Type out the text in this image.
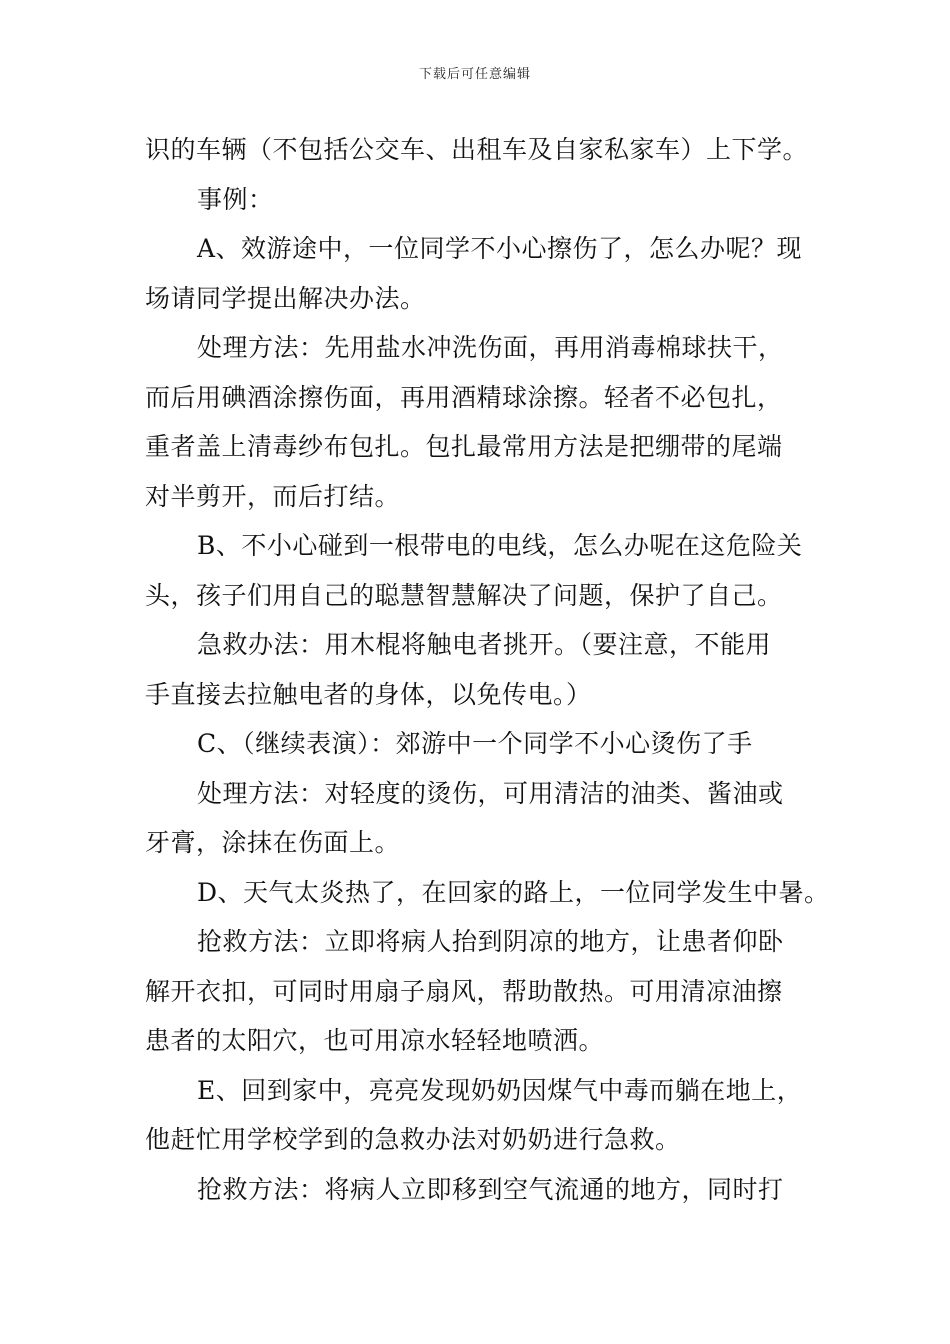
下载后可任意编辑
识的车辆（不包括公交车、出租车及自家私家车）上下学。
事例：
A、效游途中，一位同学不小心擦伤了，怎么办呢？现
场请同学提出解决办法。
处理方法：先用盐水冲洗伤面，再用消毒棉球扶干，
而后用碘酒涂擦伤面，再用酒精球涂擦。轻者不必包扎，
重者盖上清毒纱布包扎。包扎最常用方法是把绷带的尾端
对半剪开，而后打结。
B、不小心碰到一根带电的电线，怎么办呢在这危险关
头，孩子们用自己的聪慧智慧解决了问题，保护了自己。
急救办法：用木棍将触电者挑开。（要注意，不能用
手直接去拉触电者的身体，以免传电。）
C、（继续表演）：郊游中一个同学不小心烫伤了手
处理方法：对轻度的烫伤，可用清洁的油类、酱油或
牙膏，涂抹在伤面上。
D、天气太炎热了，在回家的路上，一位同学发生中暑。
抢救方法：立即将病人抬到阴凉的地方，让患者仰卧
解开衣扣，可同时用扇子扇风，帮助散热。可用清凉油擦
患者的太阳穴，也可用凉水轻轻地喷洒。
E、回到家中，亮亮发现奶奶因煤气中毒而躺在地上，
他赶忙用学校学到的急救办法对奶奶进行急救。
抢救方法：将病人立即移到空气流通的地方，同时打
